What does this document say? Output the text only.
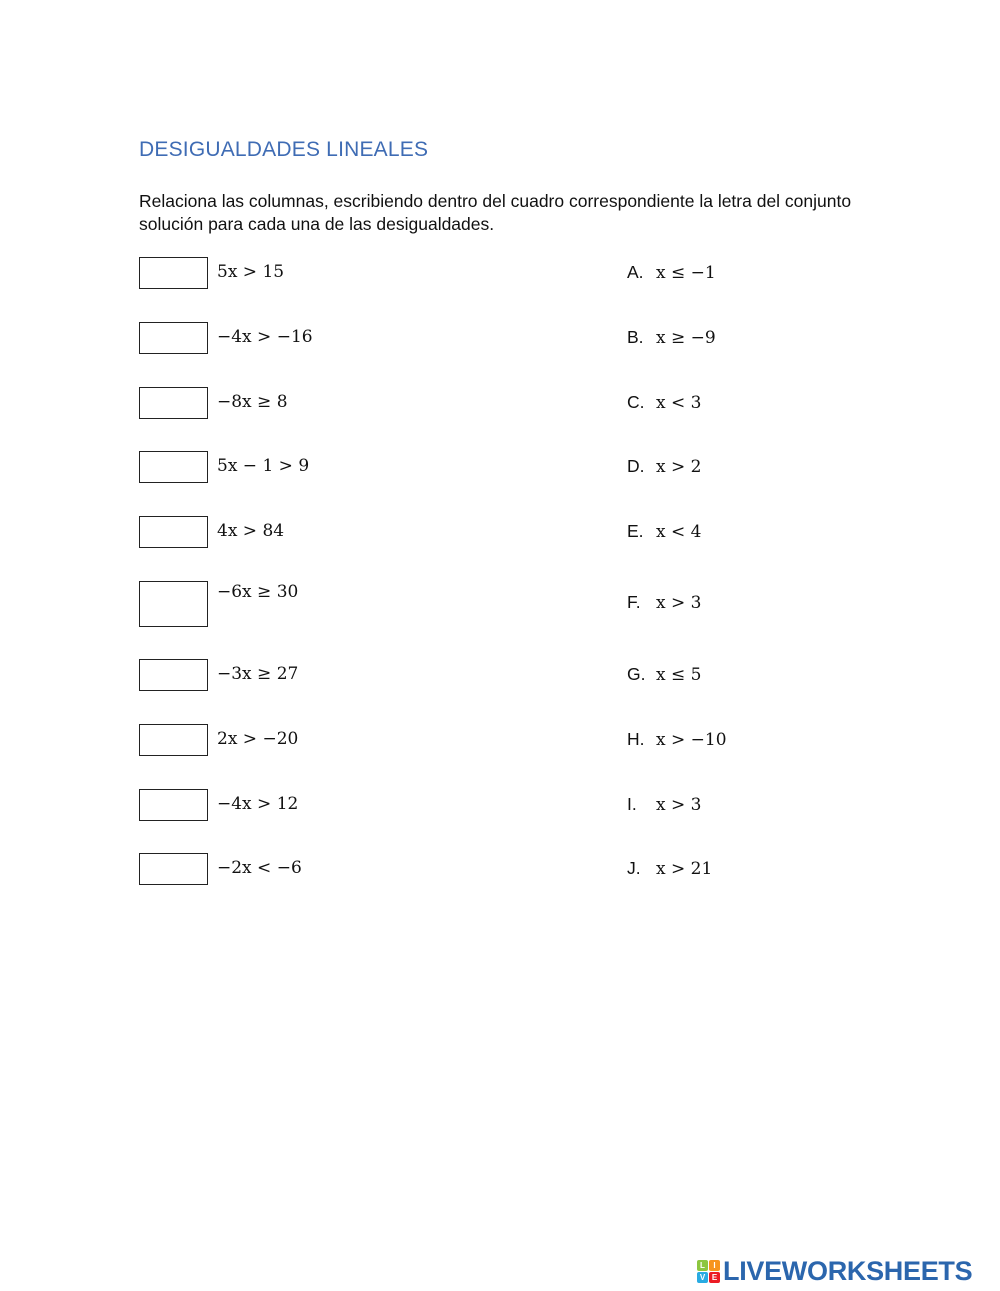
DESIGUALDADES LINEALES
Relaciona las columnas, escribiendo dentro del cuadro correspondiente la letra del conjunto solución para cada una de las desigualdades.
5x > 15
−4x > −16
−8x ≥ 8
5x − 1 > 9
4x > 84
−6x ≥ 30
−3x ≥ 27
2x > −20
−4x > 12
−2x < −6
A. x ≤ −1
B. x ≥ −9
C. x < 3
D. x > 2
E. x < 4
F. x > 3
G. x ≤ 5
H. x > −10
I. x > 3
J. x > 21
L	I
V E LIVEWORKSHEETS
